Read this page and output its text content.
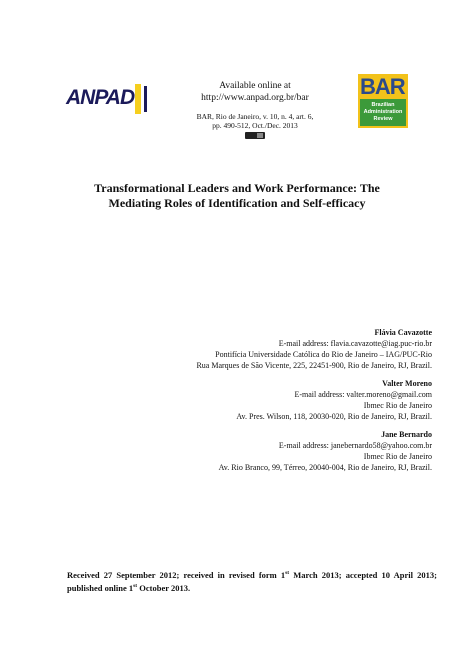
ANPAD	Available online at
http://www.anpad.org.br/bar
BAR, Rio de Janeiro, v. 10, n. 4, art. 6,
pp. 490-512, Oct./Dec. 2013
BAR
Brazilian
Administration
Review
Transformational Leaders and Work Performance: The
Mediating Roles of Identification and Self-efficacy
Flávia Cavazotte
E-mail address: flavia.cavazotte@iag.puc-rio.br
Pontifícia Universidade Católica do Rio de Janeiro – IAG/PUC-Rio
Rua Marques de São Vicente, 225, 22451-900, Rio de Janeiro, RJ, Brazil.
Valter Moreno
E-mail address: valter.moreno@gmail.com
Ibmec Rio de Janeiro
Av. Pres. Wilson, 118, 20030-020, Rio de Janeiro, RJ, Brazil.
Jane Bernardo
E-mail address: janebernardo58@yahoo.com.br
Ibmec Rio de Janeiro
Av. Rio Branco, 99, Térreo, 20040-004, Rio de Janeiro, RJ, Brazil.
Received 27 September 2012; received in revised form 1st March 2013; accepted 10 April 2013; published online 1st October 2013.
